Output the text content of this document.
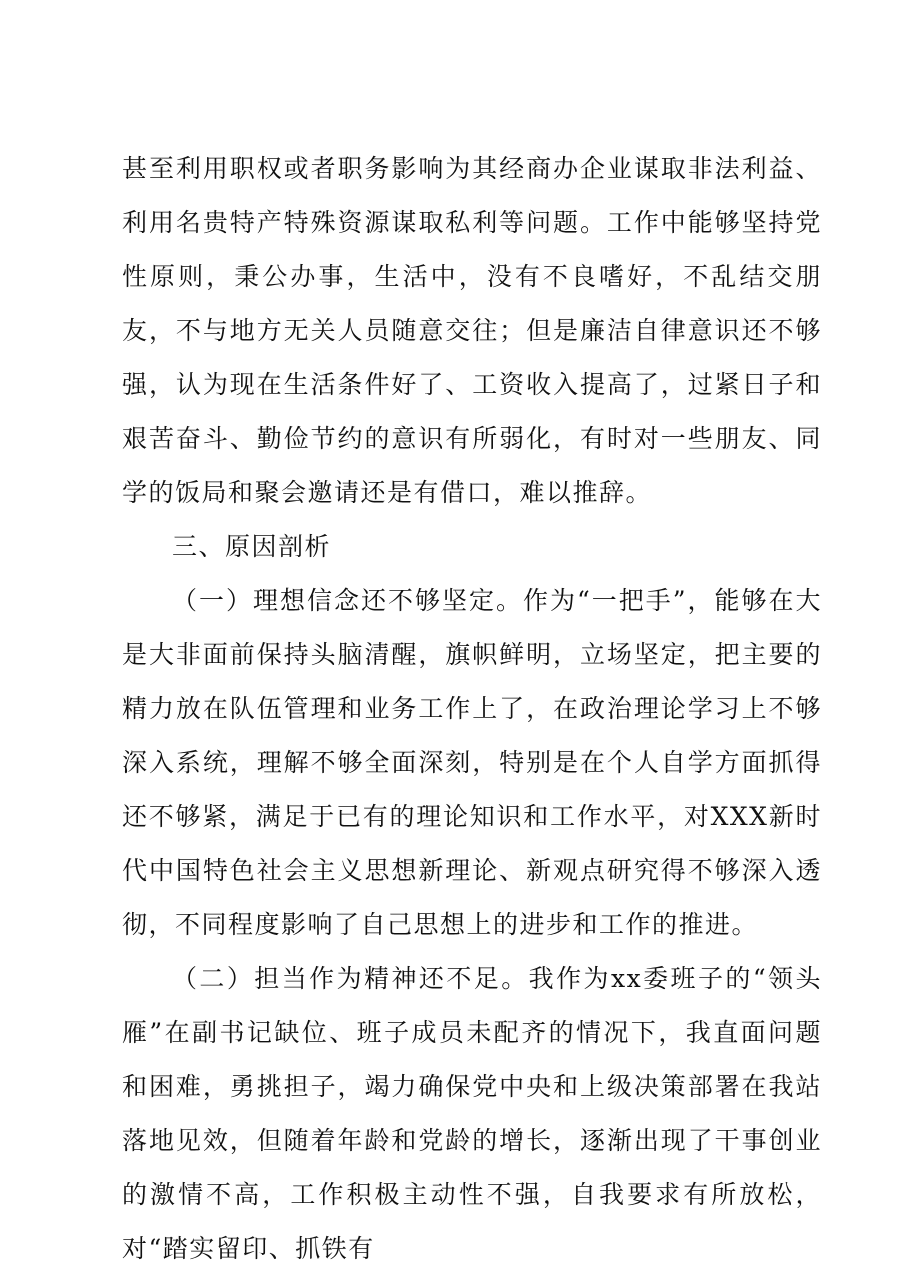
甚至利用职权或者职务影响为其经商办企业谋取非法利益、利用名贵特产特殊资源谋取私利等问题。工作中能够坚持党性原则，秉公办事，生活中，没有不良嗜好，不乱结交朋友，不与地方无关人员随意交往；但是廉洁自律意识还不够强，认为现在生活条件好了、工资收入提高了，过紧日子和艰苦奋斗、勤俭节约的意识有所弱化，有时对一些朋友、同学的饭局和聚会邀请还是有借口，难以推辞。

三、原因剖析

（一）理想信念还不够坚定。作为“一把手”，能够在大是大非面前保持头脑清醒，旗帜鲜明，立场坚定，把主要的精力放在队伍管理和业务工作上了，在政治理论学习上不够深入系统，理解不够全面深刻，特别是在个人自学方面抓得还不够紧，满足于已有的理论知识和工作水平，对XXX新时代中国特色社会主义思想新理论、新观点研究得不够深入透彻，不同程度影响了自己思想上的进步和工作的推进。

（二）担当作为精神还不足。我作为xx委班子的“领头雁”在副书记缺位、班子成员未配齐的情况下，我直面问题和困难，勇挑担子，竭力确保党中央和上级决策部署在我站落地见效，但随着年龄和党龄的增长，逐渐出现了干事创业的激情不高，工作积极主动性不强，自我要求有所放松，对“踏实留印、抓铁有
